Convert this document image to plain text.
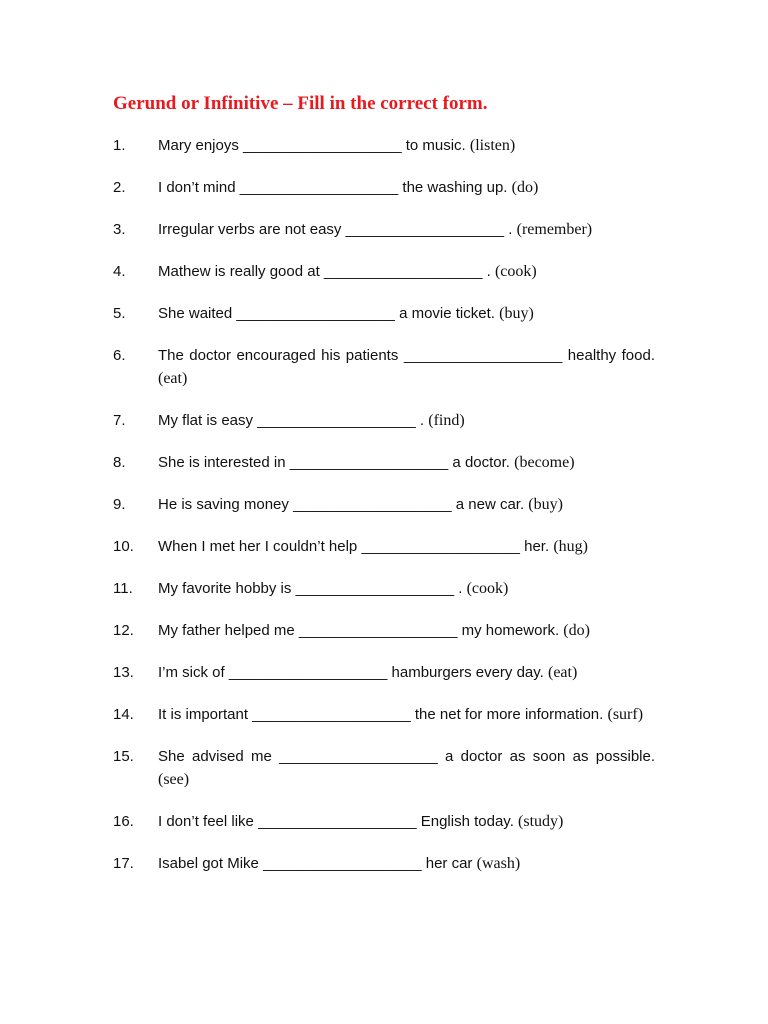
Gerund or Infinitive – Fill in the correct form.
1.	Mary enjoys ___________________ to music. (listen)
2.	I don’t mind ___________________ the washing up. (do)
3.	Irregular verbs are not easy ___________________ . (remember)
4.	Mathew is really good at ___________________ . (cook)
5.	She waited ___________________ a movie ticket. (buy)
6.	The doctor encouraged his patients ___________________ healthy food. (eat)
7.	My flat is easy ___________________ . (find)
8.	She is interested in ___________________ a doctor. (become)
9.	He is saving money ___________________ a new car. (buy)
10.	When I met her I couldn’t help ___________________ her. (hug)
11.	My favorite hobby is ___________________ . (cook)
12.	My father helped me ___________________ my homework. (do)
13.	I’m sick of ___________________ hamburgers every day. (eat)
14.	It is important ___________________ the net for more information. (surf)
15.	She advised me ___________________ a doctor as soon as possible. (see)
16.	I don’t feel like ___________________ English today. (study)
17.	Isabel got Mike ___________________ her car (wash)
